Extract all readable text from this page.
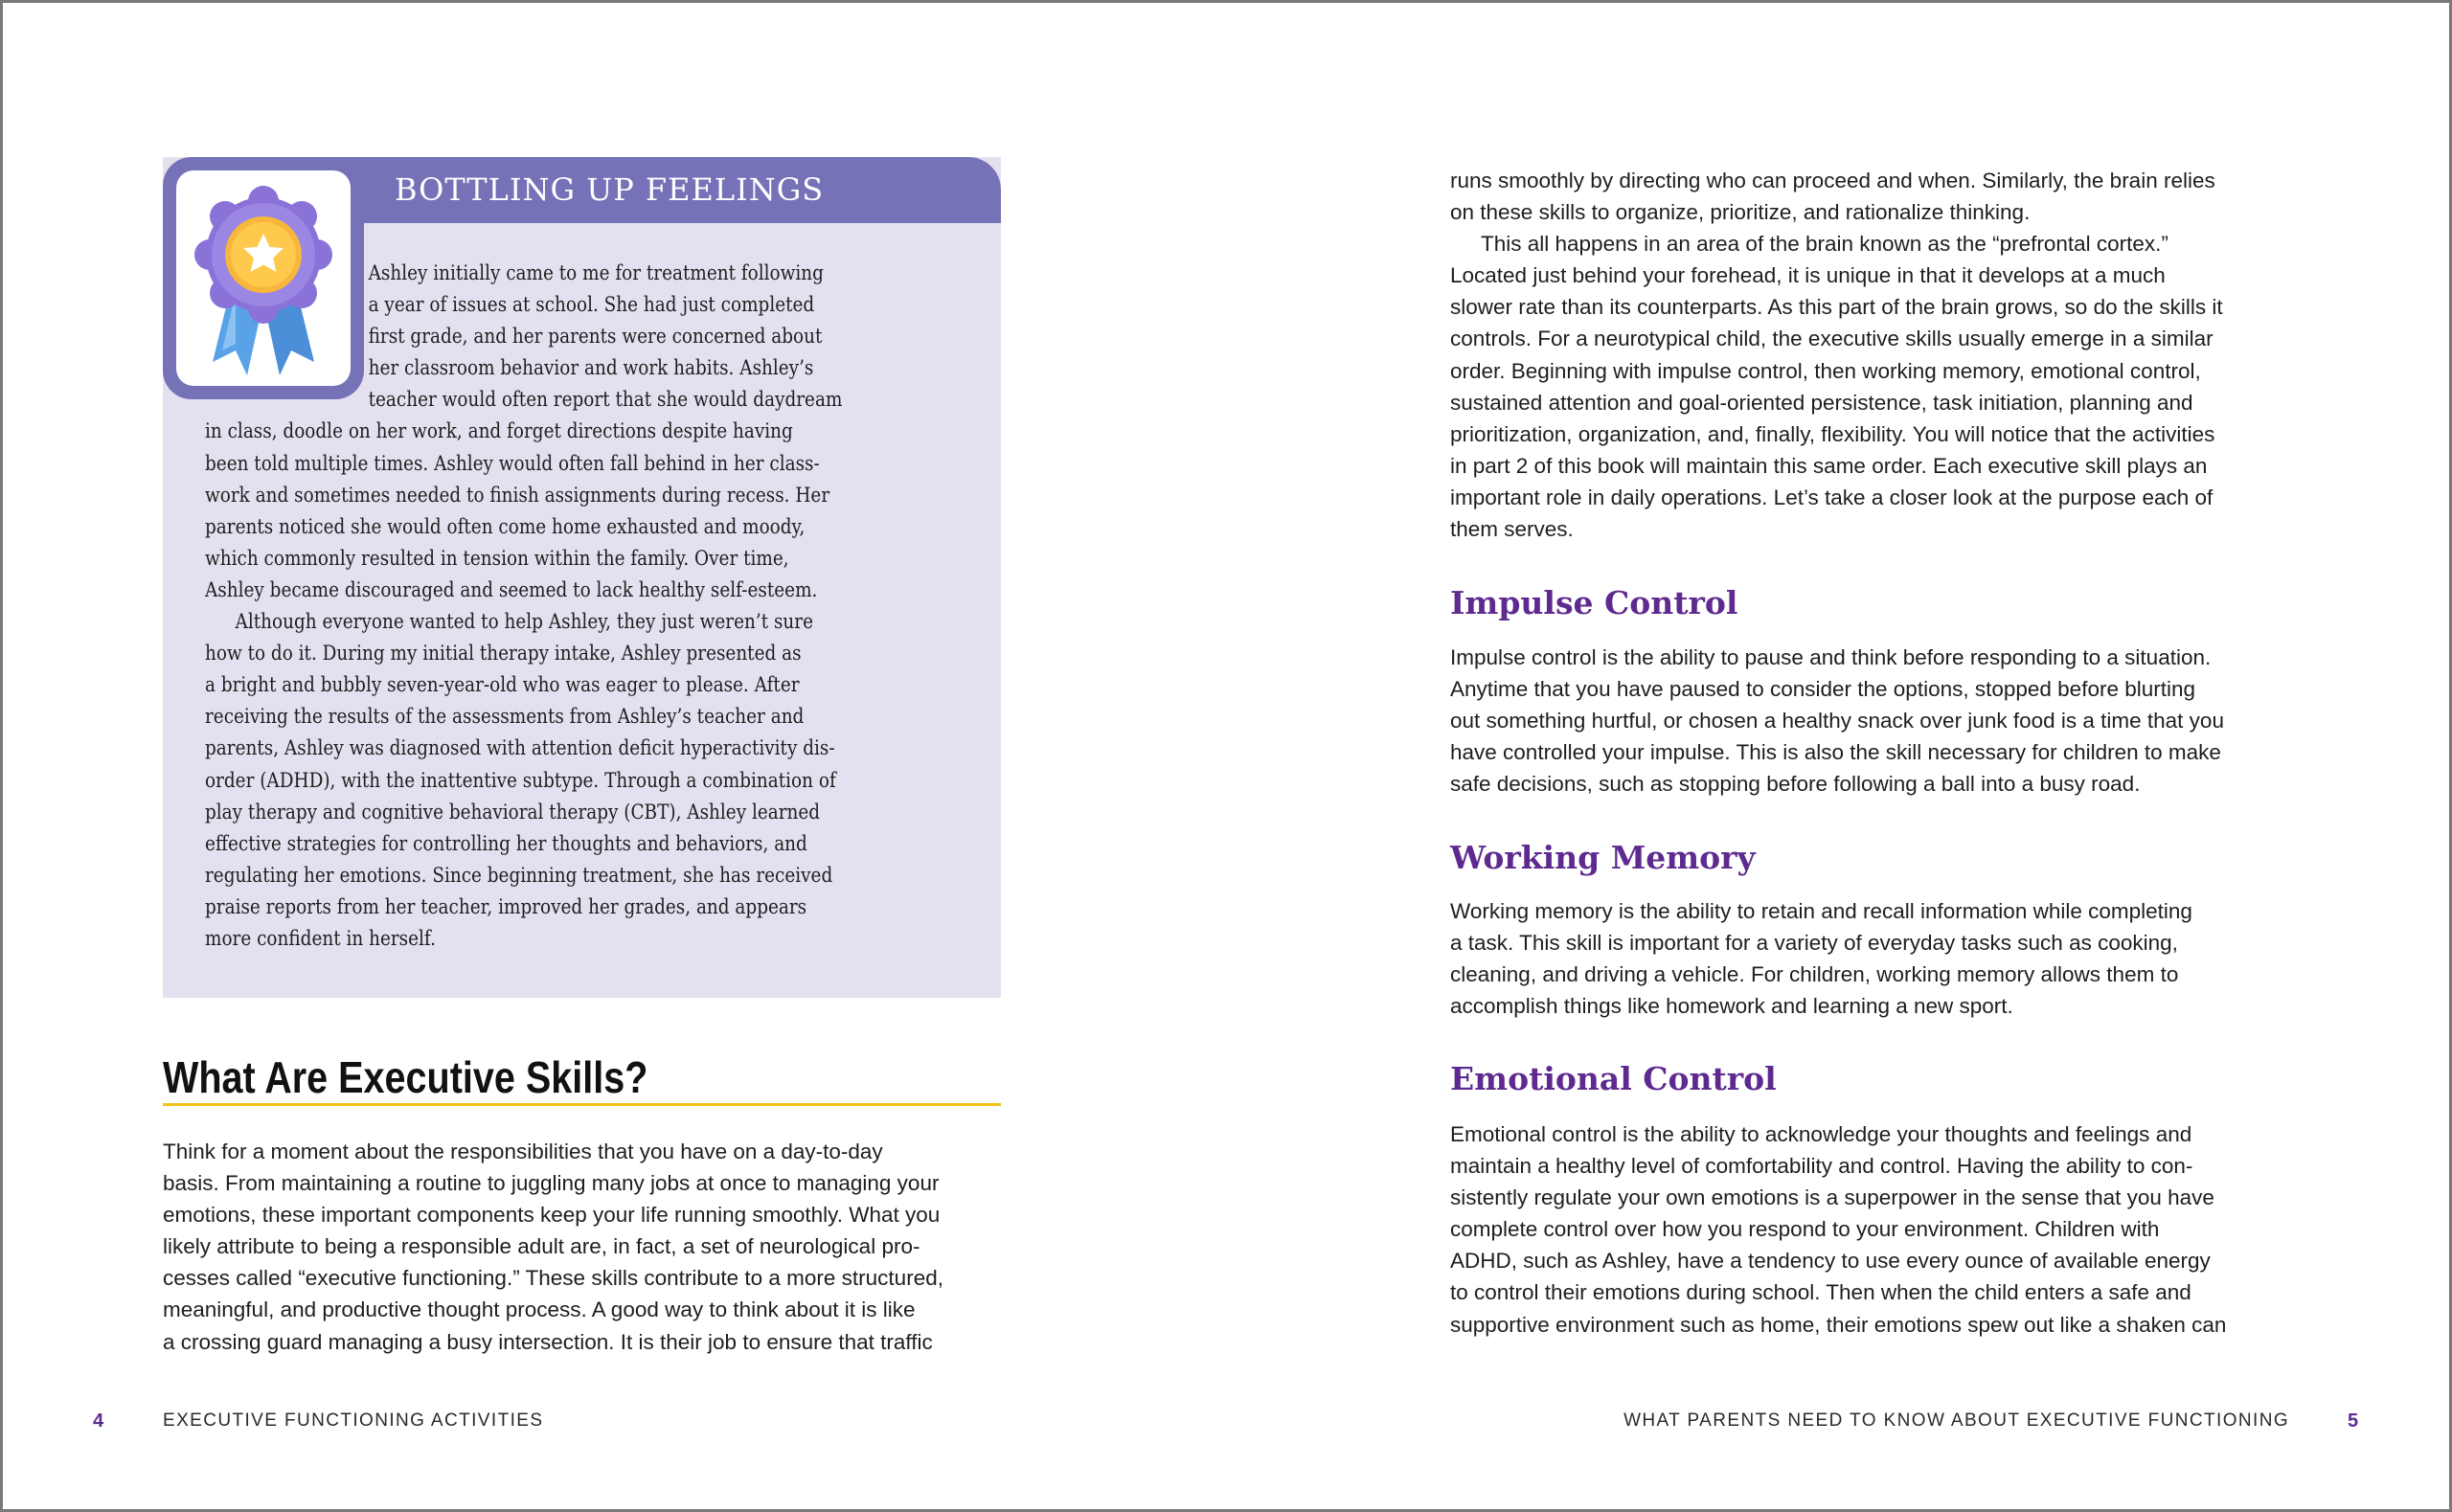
BOTTLING UP FEELINGS
Ashley initially came to me for treatment following
a year of issues at school. She had just completed
first grade, and her parents were concerned about
her classroom behavior and work habits. Ashley’s
teacher would often report that she would daydream
in class, doodle on her work, and forget directions despite having
been told multiple times. Ashley would often fall behind in her class-
work and sometimes needed to finish assignments during recess. Her
parents noticed she would often come home exhausted and moody,
which commonly resulted in tension within the family. Over time,
Ashley became discouraged and seemed to lack healthy self-esteem.
Although everyone wanted to help Ashley, they just weren’t sure
how to do it. During my initial therapy intake, Ashley presented as
a bright and bubbly seven-year-old who was eager to please. After
receiving the results of the assessments from Ashley’s teacher and
parents, Ashley was diagnosed with attention deficit hyperactivity dis-
order (ADHD), with the inattentive subtype. Through a combination of
play therapy and cognitive behavioral therapy (CBT), Ashley learned
effective strategies for controlling her thoughts and behaviors, and
regulating her emotions. Since beginning treatment, she has received
praise reports from her teacher, improved her grades, and appears
more confident in herself.
What Are Executive Skills?
Think for a moment about the responsibilities that you have on a day-to-day
basis. From maintaining a routine to juggling many jobs at once to managing your
emotions, these important components keep your life running smoothly. What you
likely attribute to being a responsible adult are, in fact, a set of neurological pro-
cesses called “executive functioning.” These skills contribute to a more structured,
meaningful, and productive thought process. A good way to think about it is like
a crossing guard managing a busy intersection. It is their job to ensure that traffic
runs smoothly by directing who can proceed and when. Similarly, the brain relies
on these skills to organize, prioritize, and rationalize thinking.
This all happens in an area of the brain known as the “prefrontal cortex.”
Located just behind your forehead, it is unique in that it develops at a much
slower rate than its counterparts. As this part of the brain grows, so do the skills it
controls. For a neurotypical child, the executive skills usually emerge in a similar
order. Beginning with impulse control, then working memory, emotional control,
sustained attention and goal-oriented persistence, task initiation, planning and
prioritization, organization, and, finally, flexibility. You will notice that the activities
in part 2 of this book will maintain this same order. Each executive skill plays an
important role in daily operations. Let’s take a closer look at the purpose each of
them serves.
Impulse Control
Impulse control is the ability to pause and think before responding to a situation.
Anytime that you have paused to consider the options, stopped before blurting
out something hurtful, or chosen a healthy snack over junk food is a time that you
have controlled your impulse. This is also the skill necessary for children to make
safe decisions, such as stopping before following a ball into a busy road.
Working Memory
Working memory is the ability to retain and recall information while completing
a task. This skill is important for a variety of everyday tasks such as cooking,
cleaning, and driving a vehicle. For children, working memory allows them to
accomplish things like homework and learning a new sport.
Emotional Control
Emotional control is the ability to acknowledge your thoughts and feelings and
maintain a healthy level of comfortability and control. Having the ability to con-
sistently regulate your own emotions is a superpower in the sense that you have
complete control over how you respond to your environment. Children with
ADHD, such as Ashley, have a tendency to use every ounce of available energy
to control their emotions during school. Then when the child enters a safe and
supportive environment such as home, their emotions spew out like a shaken can
4	EXECUTIVE FUNCTIONING ACTIVITIES	WHAT PARENTS NEED TO KNOW ABOUT EXECUTIVE FUNCTIONING	5
